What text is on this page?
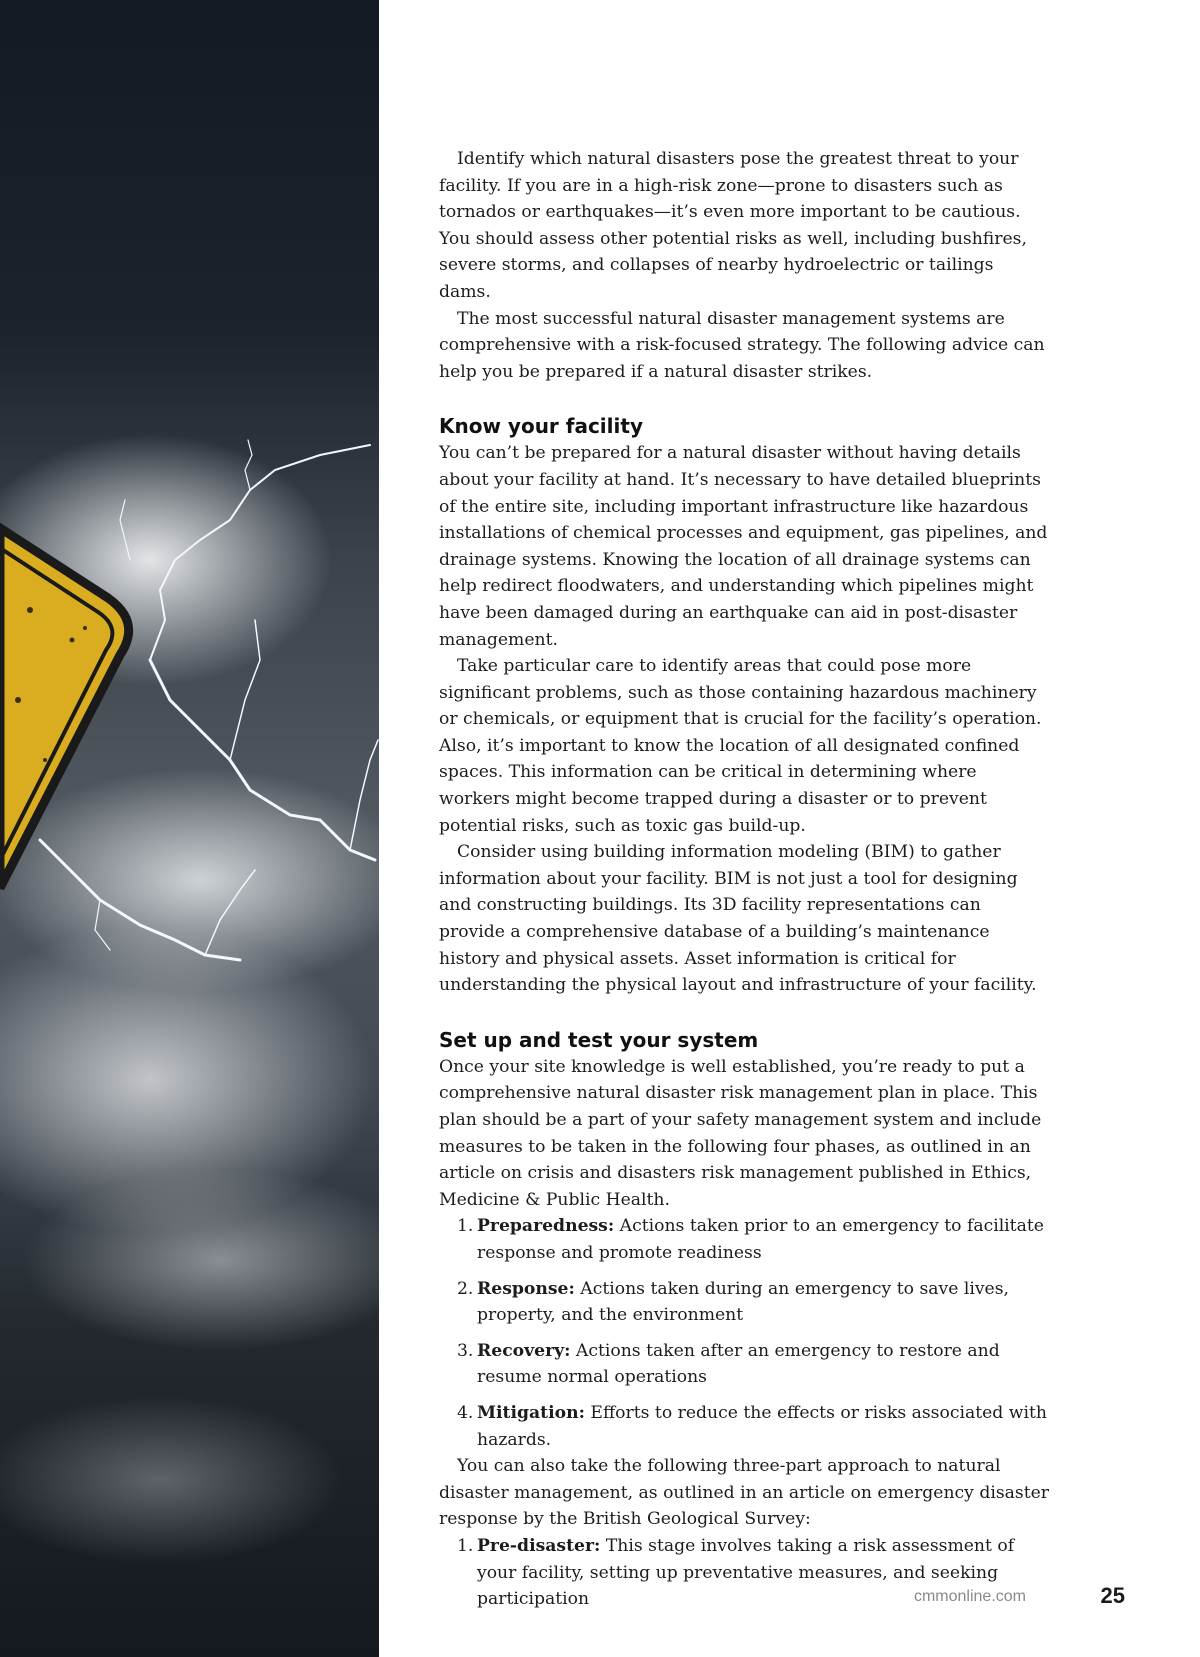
Identify which natural disasters pose the greatest threat to your facility. If you are in a high-risk zone—prone to disasters such as tornados or earthquakes—it’s even more important to be cautious. You should assess other potential risks as well, including bushfires, severe storms, and collapses of nearby hydroelectric or tailings dams.

The most successful natural disaster management systems are comprehensive with a risk-focused strategy. The following advice can help you be prepared if a natural disaster strikes.

Know your facility

You can’t be prepared for a natural disaster without having details about your facility at hand. It’s necessary to have detailed blueprints of the entire site, including important infrastructure like hazardous installations of chemical processes and equipment, gas pipelines, and drainage systems. Knowing the location of all drainage systems can help redirect floodwaters, and understanding which pipelines might have been damaged during an earthquake can aid in post-disaster management.

Take particular care to identify areas that could pose more significant problems, such as those containing hazardous machinery or chemicals, or equipment that is crucial for the facility’s operation. Also, it’s important to know the location of all designated confined spaces. This information can be critical in determining where workers might become trapped during a disaster or to prevent potential risks, such as toxic gas build-up.

Consider using building information modeling (BIM) to gather information about your facility. BIM is not just a tool for designing and constructing buildings. Its 3D facility representations can provide a comprehensive database of a building’s maintenance history and physical assets. Asset information is critical for understanding the physical layout and infrastructure of your facility.

Set up and test your system

Once your site knowledge is well established, you’re ready to put a comprehensive natural disaster risk management plan in place. This plan should be a part of your safety management system and include measures to be taken in the following four phases, as outlined in an article on crisis and disasters risk management published in Ethics, Medicine & Public Health.

1. Preparedness: Actions taken prior to an emergency to facilitate response and promote readiness
2. Response: Actions taken during an emergency to save lives, property, and the environment
3. Recovery: Actions taken after an emergency to restore and resume normal operations
4. Mitigation: Efforts to reduce the effects or risks associated with hazards.

You can also take the following three-part approach to natural disaster management, as outlined in an article on emergency disaster response by the British Geological Survey:

1. Pre-disaster: This stage involves taking a risk assessment of your facility, setting up preventative measures, and seeking participation	cmmonline.com	25
